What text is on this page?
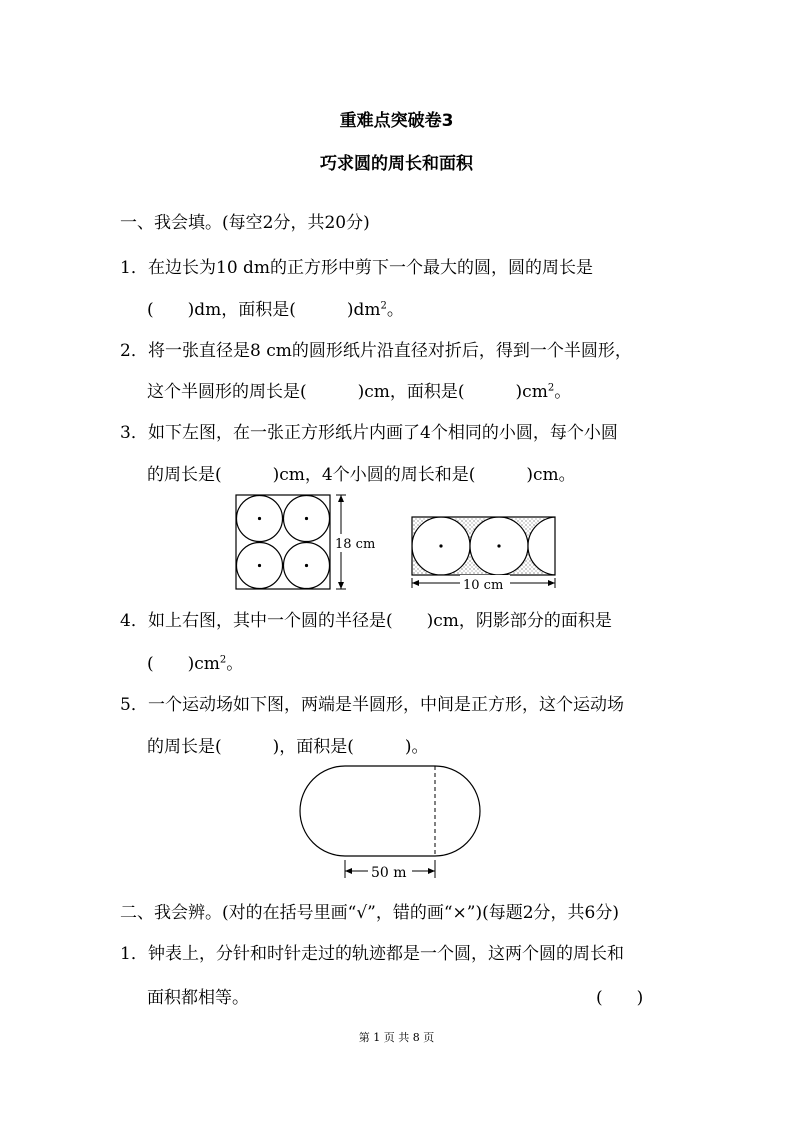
重难点突破卷3
巧求圆的周长和面积
一、我会填。(每空2分，共20分)
1．在边长为10 dm的正方形中剪下一个最大的圆，圆的周长是
(　　)dm，面积是(　　　)$dm^2$。
2．将一张直径是8 cm的圆形纸片沿直径对折后，得到一个半圆形，
这个半圆形的周长是(　　　)cm，面积是(　　　)$cm^2$。
3．如下左图，在一张正方形纸片内画了4个相同的小圆，每个小圆
的周长是(　　　)cm，4个小圆的周长和是(　　　)cm。
18 cm
10 cm
4．如上右图，其中一个圆的半径是(　　)cm，阴影部分的面积是
(　　)$cm^2$。
5．一个运动场如下图，两端是半圆形，中间是正方形，这个运动场
的周长是(　　　)，面积是(　　　)。
50 m
二、我会辨。(对的在括号里画“√”，错的画“×”)(每题2分，共6分)
1．钟表上，分针和时针走过的轨迹都是一个圆，这两个圆的周长和
面积都相等。	(　　)
第 1 页 共 8 页
